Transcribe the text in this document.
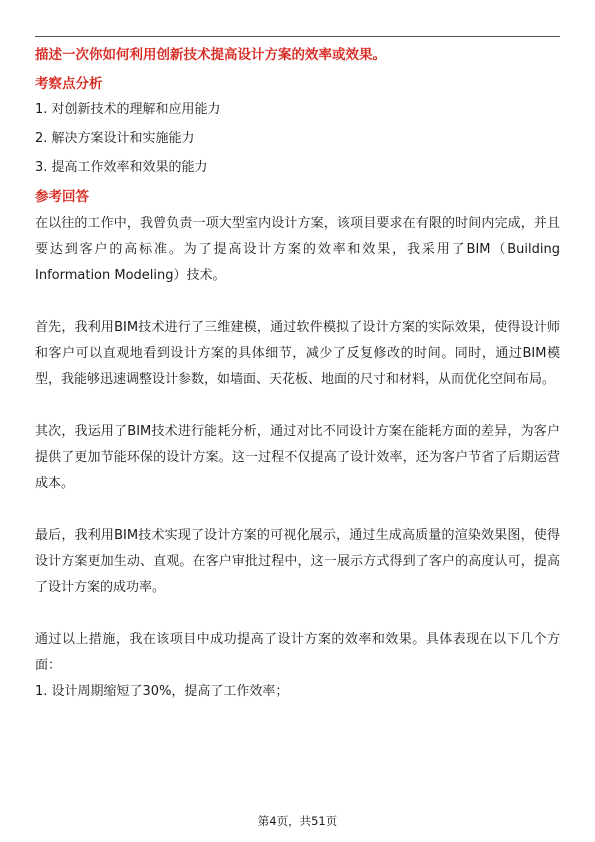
描述一次你如何利用创新技术提高设计方案的效率或效果。
考察点分析
1. 对创新技术的理解和应用能力
2. 解决方案设计和实施能力
3. 提高工作效率和效果的能力
参考回答

在以往的工作中，我曾负责一项大型室内设计方案，该项目要求在有限的时间内完成，并且要达到客户的高标准。为了提高设计方案的效率和效果，我采用了BIM（Building Information Modeling）技术。

首先，我利用BIM技术进行了三维建模，通过软件模拟了设计方案的实际效果，使得设计师和客户可以直观地看到设计方案的具体细节，减少了反复修改的时间。同时，通过BIM模型，我能够迅速调整设计参数，如墙面、天花板、地面的尺寸和材料，从而优化空间布局。

其次，我运用了BIM技术进行能耗分析，通过对比不同设计方案在能耗方面的差异，为客户提供了更加节能环保的设计方案。这一过程不仅提高了设计效率，还为客户节省了后期运营成本。

最后，我利用BIM技术实现了设计方案的可视化展示，通过生成高质量的渲染效果图，使得设计方案更加生动、直观。在客户审批过程中，这一展示方式得到了客户的高度认可，提高了设计方案的成功率。

通过以上措施，我在该项目中成功提高了设计方案的效率和效果。具体表现在以下几个方面：

1. 设计周期缩短了30%，提高了工作效率；

第4页，共51页
